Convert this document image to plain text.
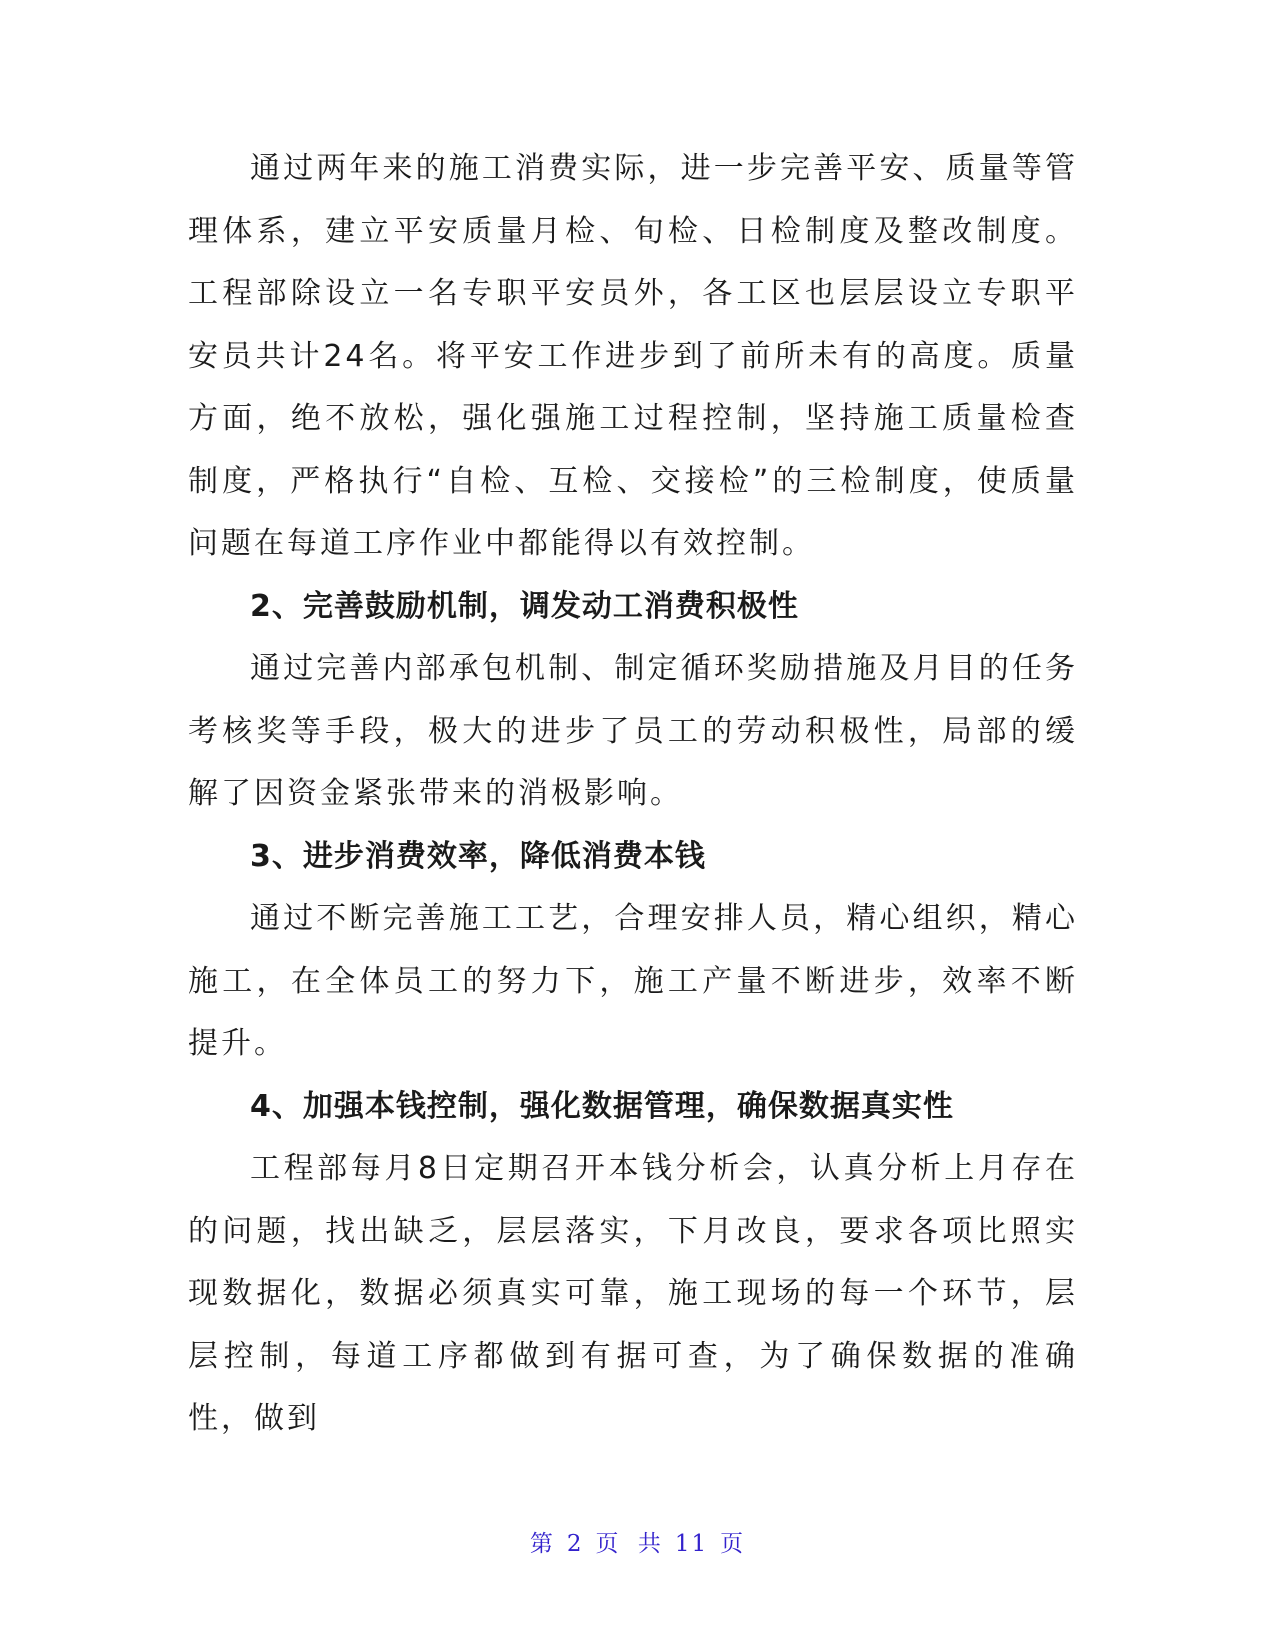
通过两年来的施工消费实际，进一步完善平安、质量等管理体系，建立平安质量月检、旬检、日检制度及整改制度。工程部除设立一名专职平安员外，各工区也层层设立专职平安员共计24名。将平安工作进步到了前所未有的高度。质量方面，绝不放松，强化强施工过程控制，坚持施工质量检查制度，严格执行“自检、互检、交接检”的三检制度，使质量问题在每道工序作业中都能得以有效控制。

2、完善鼓励机制，调发动工消费积极性

通过完善内部承包机制、制定循环奖励措施及月目的任务考核奖等手段，极大的进步了员工的劳动积极性，局部的缓解了因资金紧张带来的消极影响。

3、进步消费效率，降低消费本钱

通过不断完善施工工艺，合理安排人员，精心组织，精心施工，在全体员工的努力下，施工产量不断进步，效率不断提升。

4、加强本钱控制，强化数据管理，确保数据真实性

工程部每月8日定期召开本钱分析会，认真分析上月存在的问题，找出缺乏，层层落实，下月改良，要求各项比照实现数据化，数据必须真实可靠，施工现场的每一个环节，层层控制，每道工序都做到有据可查，为了确保数据的准确性，做到

第 2 页 共 11 页
